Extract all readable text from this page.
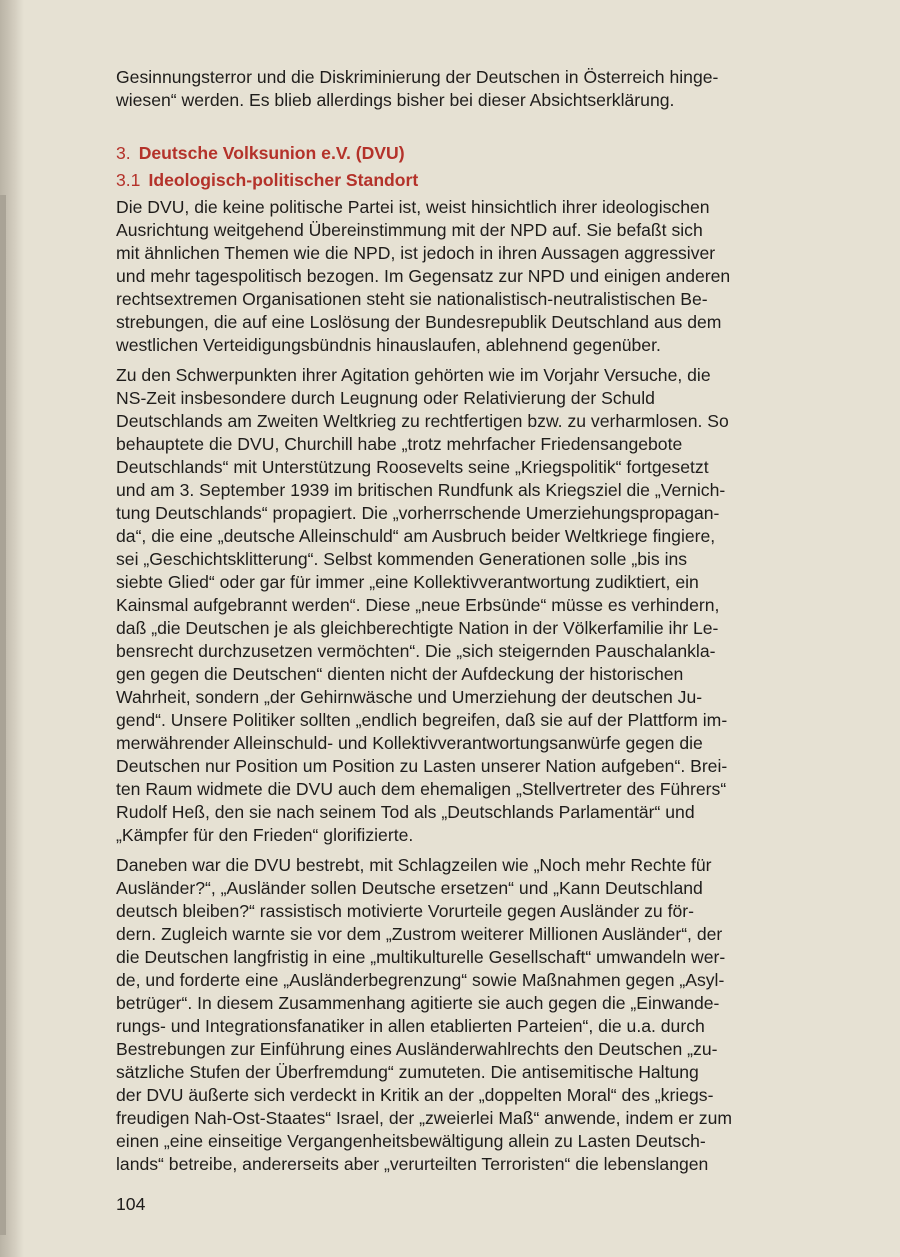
Gesinnungsterror und die Diskriminierung der Deutschen in Österreich hinge-
wiesen“ werden. Es blieb allerdings bisher bei dieser Absichtserklärung.

3. Deutsche Volksunion e.V. (DVU)
3.1 Ideologisch-politischer Standort

Die DVU, die keine politische Partei ist, weist hinsichtlich ihrer ideologischen
Ausrichtung weitgehend Übereinstimmung mit der NPD auf. Sie befaßt sich
mit ähnlichen Themen wie die NPD, ist jedoch in ihren Aussagen aggressiver
und mehr tagespolitisch bezogen. Im Gegensatz zur NPD und einigen anderen
rechtsextremen Organisationen steht sie nationalistisch-neutralistischen Be-
strebungen, die auf eine Loslösung der Bundesrepublik Deutschland aus dem
westlichen Verteidigungsbündnis hinauslaufen, ablehnend gegenüber.

Zu den Schwerpunkten ihrer Agitation gehörten wie im Vorjahr Versuche, die
NS-Zeit insbesondere durch Leugnung oder Relativierung der Schuld
Deutschlands am Zweiten Weltkrieg zu rechtfertigen bzw. zu verharmlosen. So
behauptete die DVU, Churchill habe „trotz mehrfacher Friedensangebote
Deutschlands“ mit Unterstützung Roosevelts seine „Kriegspolitik“ fortgesetzt
und am 3. September 1939 im britischen Rundfunk als Kriegsziel die „Vernich-
tung Deutschlands“ propagiert. Die „vorherrschende Umerziehungspropagan-
da“, die eine „deutsche Alleinschuld“ am Ausbruch beider Weltkriege fingiere,
sei „Geschichtsklitterung“. Selbst kommenden Generationen solle „bis ins
siebte Glied“ oder gar für immer „eine Kollektivverantwortung zudiktiert, ein
Kainsmal aufgebrannt werden“. Diese „neue Erbsünde“ müsse es verhindern,
daß „die Deutschen je als gleichberechtigte Nation in der Völkerfamilie ihr Le-
bensrecht durchzusetzen vermöchten“. Die „sich steigernden Pauschalankla-
gen gegen die Deutschen“ dienten nicht der Aufdeckung der historischen
Wahrheit, sondern „der Gehirnwäsche und Umerziehung der deutschen Ju-
gend“. Unsere Politiker sollten „endlich begreifen, daß sie auf der Plattform im-
merwährender Alleinschuld- und Kollektivverantwortungsanwürfe gegen die
Deutschen nur Position um Position zu Lasten unserer Nation aufgeben“. Brei-
ten Raum widmete die DVU auch dem ehemaligen „Stellvertreter des Führers“
Rudolf Heß, den sie nach seinem Tod als „Deutschlands Parlamentär“ und
„Kämpfer für den Frieden“ glorifizierte.

Daneben war die DVU bestrebt, mit Schlagzeilen wie „Noch mehr Rechte für
Ausländer?“, „Ausländer sollen Deutsche ersetzen“ und „Kann Deutschland
deutsch bleiben?“ rassistisch motivierte Vorurteile gegen Ausländer zu för-
dern. Zugleich warnte sie vor dem „Zustrom weiterer Millionen Ausländer“, der
die Deutschen langfristig in eine „multikulturelle Gesellschaft“ umwandeln wer-
de, und forderte eine „Ausländerbegrenzung“ sowie Maßnahmen gegen „Asyl-
betrüger“. In diesem Zusammenhang agitierte sie auch gegen die „Einwande-
rungs- und Integrationsfanatiker in allen etablierten Parteien“, die u.a. durch
Bestrebungen zur Einführung eines Ausländerwahlrechts den Deutschen „zu-
sätzliche Stufen der Überfremdung“ zumuteten. Die antisemitische Haltung
der DVU äußerte sich verdeckt in Kritik an der „doppelten Moral“ des „kriegs-
freudigen Nah-Ost-Staates“ Israel, der „zweierlei Maß“ anwende, indem er zum
einen „eine einseitige Vergangenheitsbewältigung allein zu Lasten Deutsch-
lands“ betreibe, andererseits aber „verurteilten Terroristen“ die lebenslangen

104
